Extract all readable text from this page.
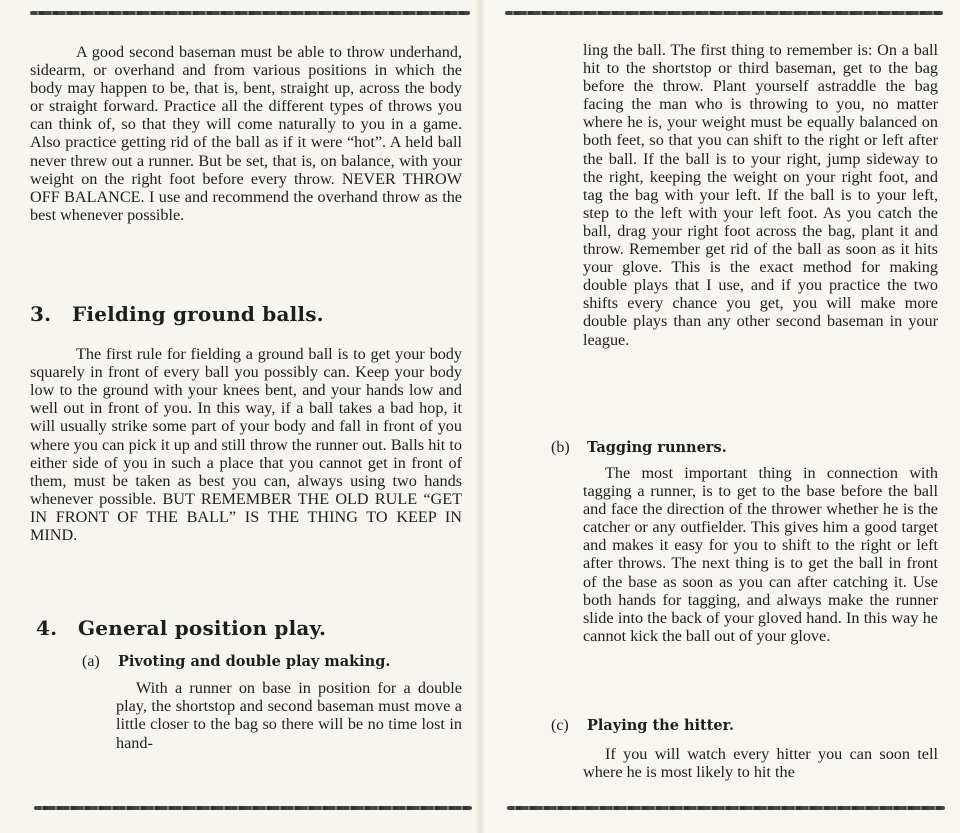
A good second baseman must be able to throw underhand, sidearm, or overhand and from various positions in which the body may happen to be, that is, bent, straight up, across the body or straight forward. Practice all the different types of throws you can think of, so that they will come naturally to you in a game. Also practice getting rid of the ball as if it were “hot”. A held ball never threw out a runner. But be set, that is, on balance, with your weight on the right foot before every throw. NEVER THROW OFF BALANCE. I use and recommend the overhand throw as the best whenever possible.

3. Fielding ground balls.

The first rule for fielding a ground ball is to get your body squarely in front of every ball you possibly can. Keep your body low to the ground with your knees bent, and your hands low and well out in front of you. In this way, if a ball takes a bad hop, it will usually strike some part of your body and fall in front of you where you can pick it up and still throw the runner out. Balls hit to either side of you in such a place that you cannot get in front of them, must be taken as best you can, always using two hands whenever possible. BUT REMEMBER THE OLD RULE “GET IN FRONT OF THE BALL” IS THE THING TO KEEP IN MIND.

4. General position play.
(a) Pivoting and double play making.

With a runner on base in position for a double play, the shortstop and second baseman must move a little closer to the bag so there will be no time lost in hand-

ling the ball. The first thing to remember is: On a ball hit to the shortstop or third baseman, get to the bag before the throw. Plant yourself astraddle the bag facing the man who is throwing to you, no matter where he is, your weight must be equally balanced on both feet, so that you can shift to the right or left after the ball. If the ball is to your right, jump sideway to the right, keeping the weight on your right foot, and tag the bag with your left. If the ball is to your left, step to the left with your left foot. As you catch the ball, drag your right foot across the bag, plant it and throw. Remember get rid of the ball as soon as it hits your glove. This is the exact method for making double plays that I use, and if you practice the two shifts every chance you get, you will make more double plays than any other second baseman in your league.

(b) Tagging runners.

The most important thing in connection with tagging a runner, is to get to the base before the ball and face the direction of the thrower whether he is the catcher or any outfielder. This gives him a good target and makes it easy for you to shift to the right or left after throws. The next thing is to get the ball in front of the base as soon as you can after catching it. Use both hands for tagging, and always make the runner slide into the back of your gloved hand. In this way he cannot kick the ball out of your glove.

(c) Playing the hitter.

If you will watch every hitter you can soon tell where he is most likely to hit the
